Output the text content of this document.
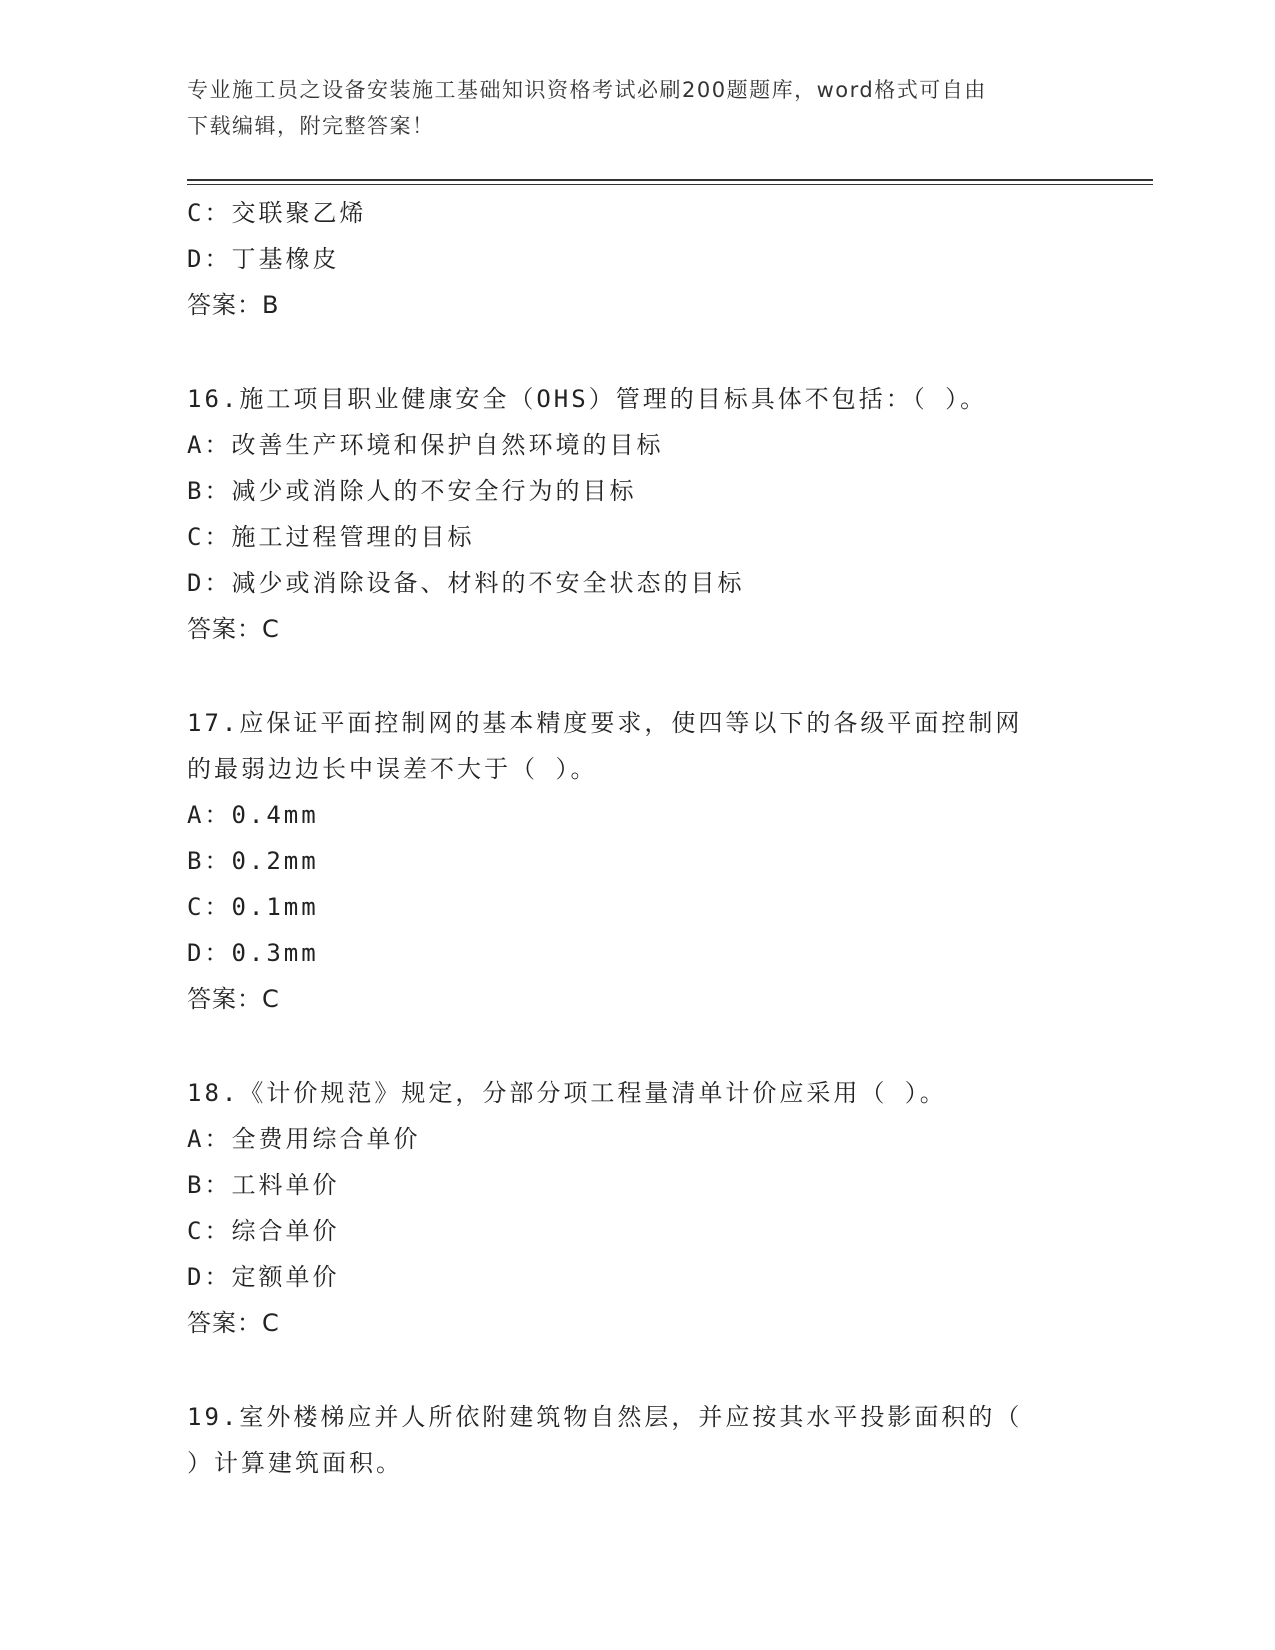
专业施工员之设备安装施工基础知识资格考试必刷200题题库，word格式可自由
下载编辑，附完整答案！
C：交联聚乙烯
D：丁基橡皮
答案：B
16.施工项目职业健康安全（OHS）管理的目标具体不包括：（ ）。
A：改善生产环境和保护自然环境的目标
B：减少或消除人的不安全行为的目标
C：施工过程管理的目标
D：减少或消除设备、材料的不安全状态的目标
答案：C
17.应保证平面控制网的基本精度要求，使四等以下的各级平面控制网
的最弱边边长中误差不大于（ ）。
A：0.4mm
B：0.2mm
C：0.1mm
D：0.3mm
答案：C
18.《计价规范》规定，分部分项工程量清单计价应采用（ ）。
A：全费用综合单价
B：工料单价
C：综合单价
D：定额单价
答案：C
19.室外楼梯应并人所依附建筑物自然层，并应按其水平投影面积的（
）计算建筑面积。
